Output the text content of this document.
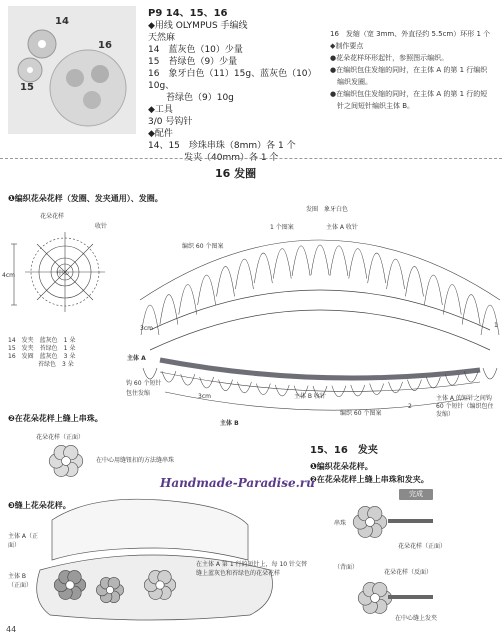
14
15
16
P9 14、15、16
◆用线 OLYMPUS 手编线
天然麻
14　蓝灰色（10）少量
15　苔绿色（9）少量
16　象牙白色（11）15g、蓝灰色（10）10g、
　　苔绿色（9）10g
◆工具
3/0 号钩针
◆配件
14、15　珍珠串珠（8mm）各 1 个
　　　　发夹（40mm）各 1 个
16　发缩（宽 3mm、外直径约 5.5cm）环形 1 个
◆制作要点
●花朵花样环形起针，参照图示编织。
●在编织包住发缩的同时，在主体 A 的第 1 行编织
　编织发圈。
●在编织包住发缩的同时，在主体 A 的第 1 行的短
　针之间短针编织主体 B。
16 发圈
❶编织花朵花样（发圈、发夹通用）、发圈。
花朵花样
收针
中心
4cm
14　发夹　蓝灰色　1 朵
15　发夹　苔绿色　1 朵
16　发圈　蓝灰色　3 朵
　　　　　苔绿色　3 朵
发圈　象牙白色
1 个图案	主体 A 收针
编织 60 个图案
3cm
3cm
主体 A
钩 60 个短针
包住发缩	主体 B 收针
编织 60 个图案
主体 B
主体 A 的短针之间钩 60 个短针（编织包住发缩）
1
2
❷在花朵花样上缝上串珠。
花朵花样（正面）
在中心用缝钮扣的方法缝串珠
❸缝上花朵花样。
主体 A（正面）
主体 B（正面）
在主体 A 第 1 行的短针上，每 10 针交替缝上蓝灰色和苔绿色的花朵花样
15、16　发夹
❶编织花朵花样。
❷在花朵花样上缝上串珠和发夹。
完成
串珠
花朵花样（正面）
（背面）
花朵花样（反面）
在中心缝上发夹
Handmade-Paradise.ru
44
